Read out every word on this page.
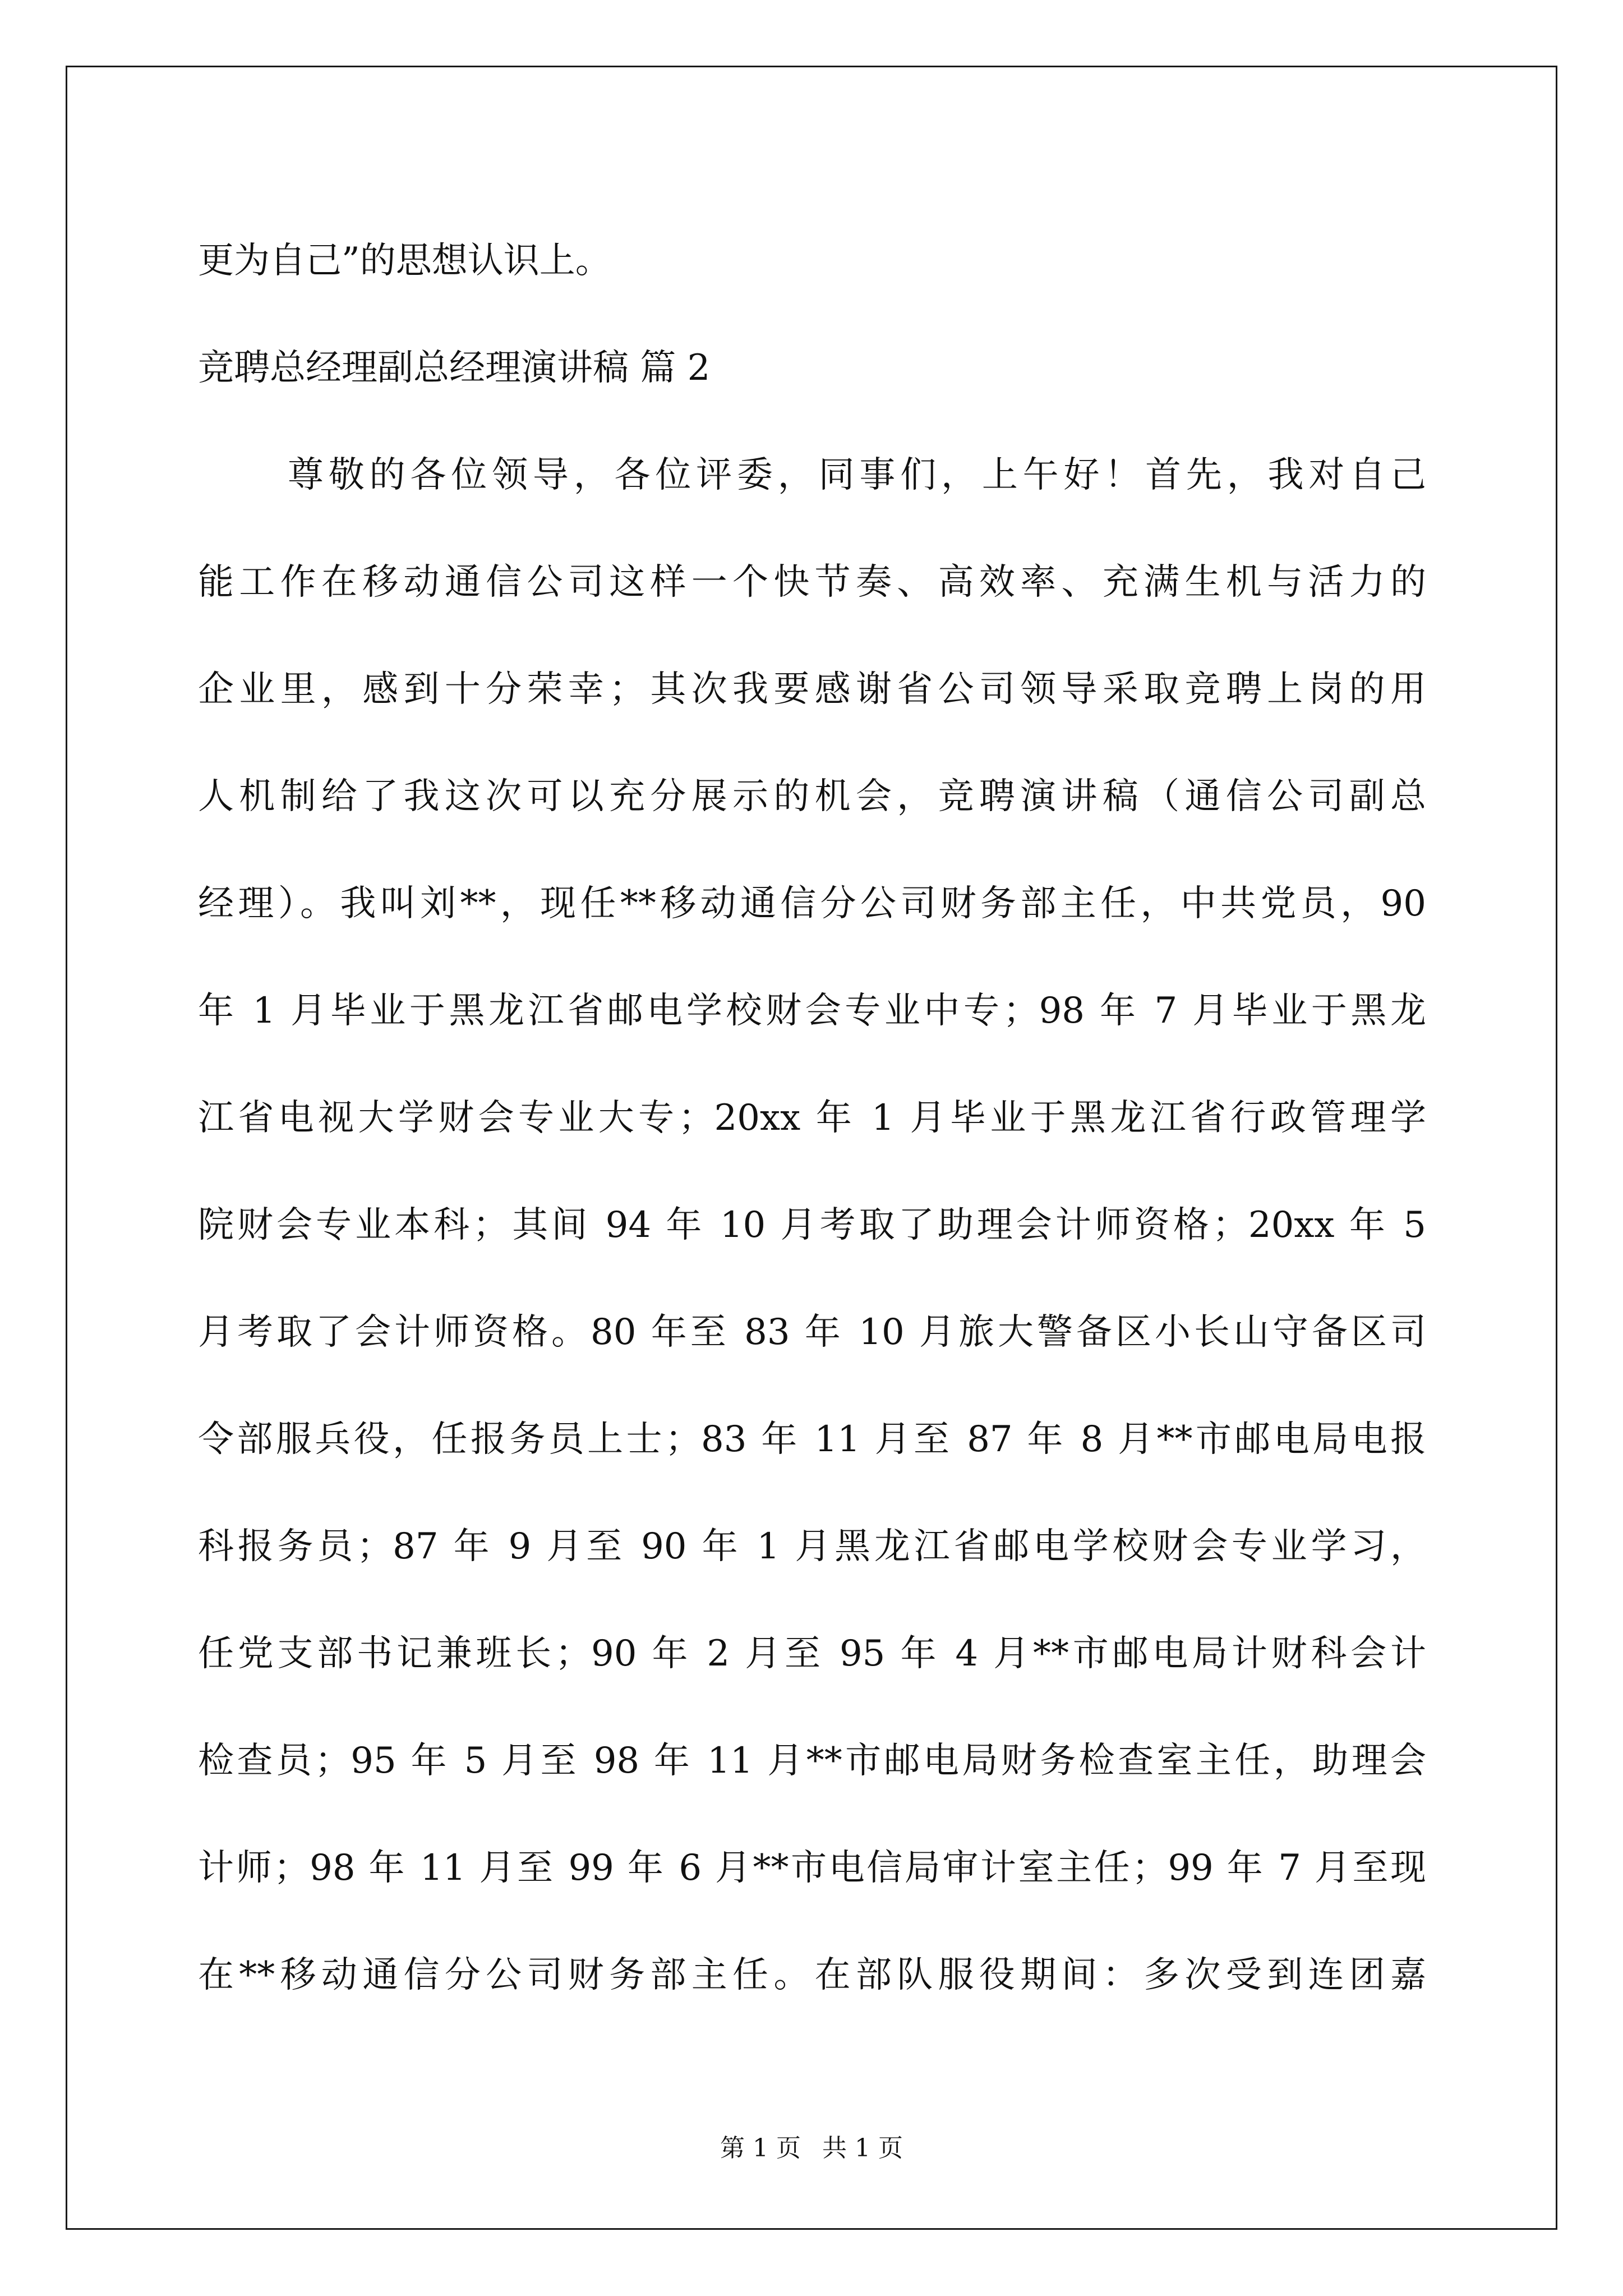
更为自己”的思想认识上。
竞聘总经理副总经理演讲稿 篇 2
尊敬的各位领导，各位评委，同事们，上午好！首先，我对自己
能工作在移动通信公司这样一个快节奏、高效率、充满生机与活力的
企业里，感到十分荣幸；其次我要感谢省公司领导采取竞聘上岗的用
人机制给了我这次可以充分展示的机会，竞聘演讲稿（通信公司副总
经理）。我叫刘**，现任**移动通信分公司财务部主任，中共党员，90
年 1 月毕业于黑龙江省邮电学校财会专业中专；98 年 7 月毕业于黑龙
江省电视大学财会专业大专；20xx 年 1 月毕业于黑龙江省行政管理学
院财会专业本科；其间 94 年 10 月考取了助理会计师资格；20xx 年 5
月考取了会计师资格。80 年至 83 年 10 月旅大警备区小长山守备区司
令部服兵役，任报务员上士；83 年 11 月至 87 年 8 月**市邮电局电报
科报务员；87 年 9 月至 90 年 1 月黑龙江省邮电学校财会专业学习，
任党支部书记兼班长；90 年 2 月至 95 年 4 月**市邮电局计财科会计
检查员；95 年 5 月至 98 年 11 月**市邮电局财务检查室主任，助理会
计师；98 年 11 月至 99 年 6 月**市电信局审计室主任；99 年 7 月至现
在**移动通信分公司财务部主任。在部队服役期间：多次受到连团嘉
第 1 页 共 1 页
